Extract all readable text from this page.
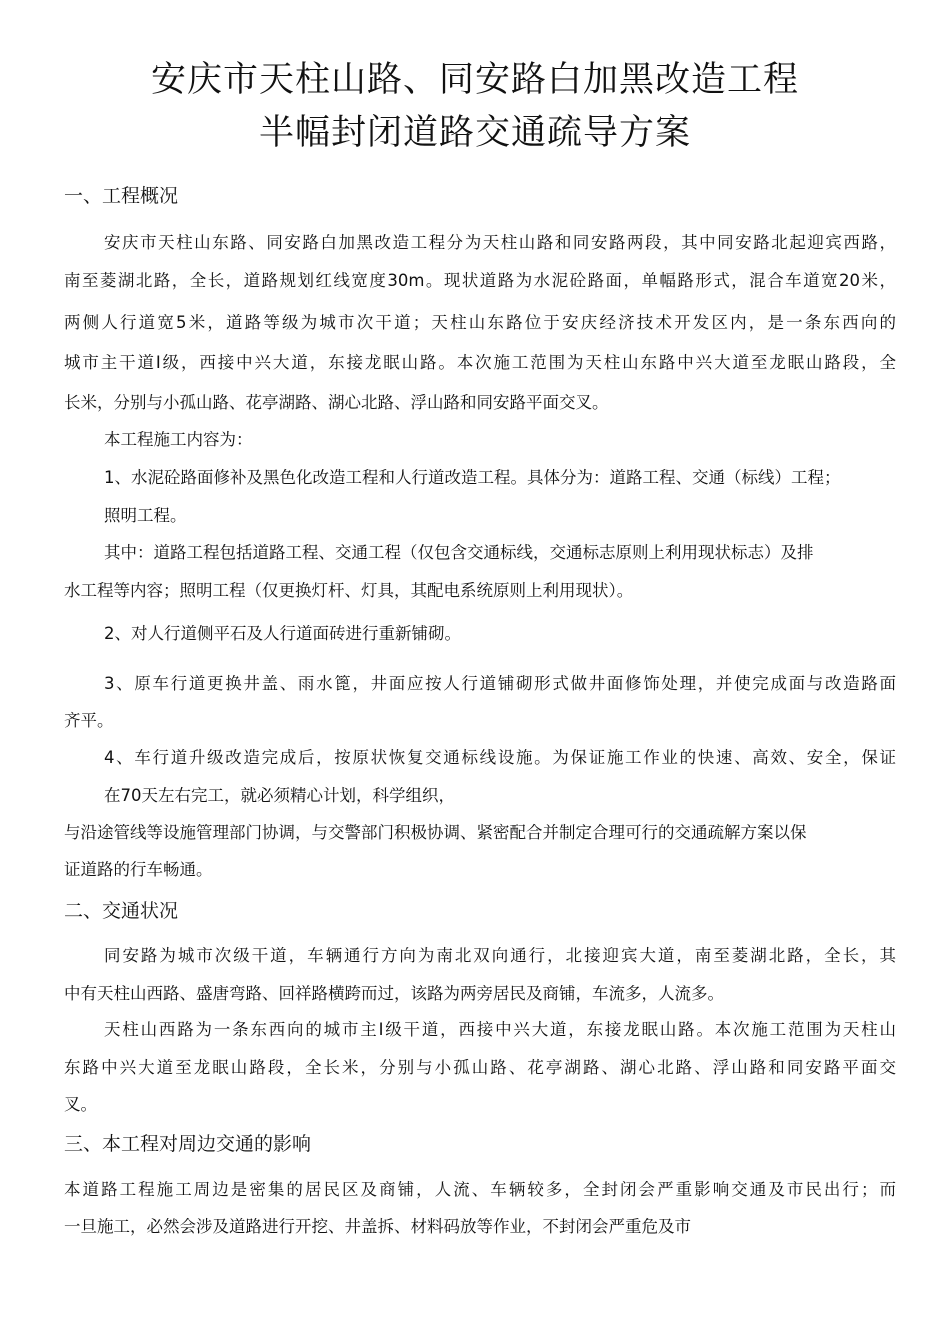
安庆市天柱山路、同安路白加黑改造工程
半幅封闭道路交通疏导方案
一、工程概况
安庆市天柱山东路、同安路白加黑改造工程分为天柱山路和同安路两段，其中同安路北起迎宾西路，
南至菱湖北路，全长，道路规划红线宽度30m。现状道路为水泥砼路面，单幅路形式，混合车道宽20米，
两侧人行道宽5米，道路等级为城市次干道；天柱山东路位于安庆经济技术开发区内，是一条东西向的
城市主干道I级，西接中兴大道，东接龙眠山路。本次施工范围为天柱山东路中兴大道至龙眠山路段，全
长米，分别与小孤山路、花亭湖路、湖心北路、浮山路和同安路平面交叉。
本工程施工内容为：
1、水泥砼路面修补及黑色化改造工程和人行道改造工程。具体分为：道路工程、交通（标线）工程；
照明工程。
其中：道路工程包括道路工程、交通工程（仅包含交通标线，交通标志原则上利用现状标志）及排
水工程等内容；照明工程（仅更换灯杆、灯具，其配电系统原则上利用现状）。
2、对人行道侧平石及人行道面砖进行重新铺砌。
3、原车行道更换井盖、雨水篦，井面应按人行道铺砌形式做井面修饰处理，并使完成面与改造路面
齐平。
4、车行道升级改造完成后，按原状恢复交通标线设施。为保证施工作业的快速、高效、安全，保证
在70天左右完工，就必须精心计划，科学组织，
与沿途管线等设施管理部门协调，与交警部门积极协调、紧密配合并制定合理可行的交通疏解方案以保
证道路的行车畅通。
二、交通状况
同安路为城市次级干道，车辆通行方向为南北双向通行，北接迎宾大道，南至菱湖北路，全长，其
中有天柱山西路、盛唐弯路、回祥路横跨而过，该路为两旁居民及商铺，车流多，人流多。
天柱山西路为一条东西向的城市主I级干道，西接中兴大道，东接龙眠山路。本次施工范围为天柱山
东路中兴大道至龙眠山路段，全长米，分别与小孤山路、花亭湖路、湖心北路、浮山路和同安路平面交
叉。
三、本工程对周边交通的影响
本道路工程施工周边是密集的居民区及商铺，人流、车辆较多，全封闭会严重影响交通及市民出行；而
一旦施工，必然会涉及道路进行开挖、井盖拆、材料码放等作业，不封闭会严重危及市
